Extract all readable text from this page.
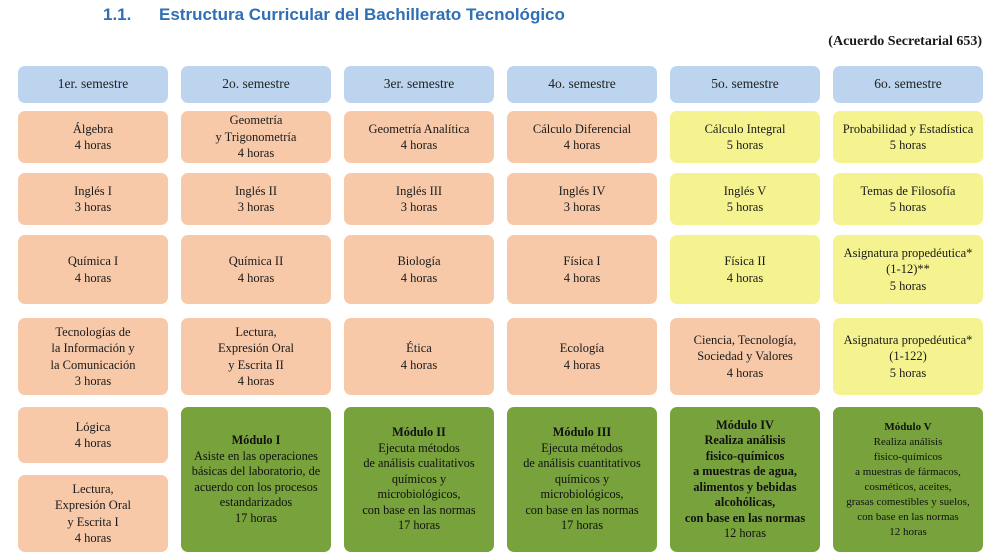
1.1. Estructura Curricular del Bachillerato Tecnológico
(Acuerdo Secretarial 653)
1er. semestre
Álgebra
4 horas
Inglés I
3 horas
Química I
4 horas
Tecnologías de
la Información y
la Comunicación
3 horas
Lógica
4 horas
Lectura,
Expresión Oral
y Escrita I
4 horas
2o. semestre
Geometría
y Trigonometría
4 horas
Inglés II
3 horas
Química II
4 horas
Lectura,
Expresión Oral
y Escrita II
4 horas
Módulo I
Asiste en las operaciones
básicas del laboratorio, de
acuerdo con los procesos
estandarizados
17 horas
3er. semestre
Geometría Analítica
4 horas
Inglés III
3 horas
Biología
4 horas
Ética
4 horas
Módulo II
Ejecuta métodos
de análisis cualitativos
químicos y
microbiológicos,
con base en las normas
17 horas
4o. semestre
Cálculo Diferencial
4 horas
Inglés IV
3 horas
Física I
4 horas
Ecología
4 horas
Módulo III
Ejecuta métodos
de análisis cuantitativos
químicos y
microbiológicos,
con base en las normas
17 horas
5o. semestre
Cálculo Integral
5 horas
Inglés V
5 horas
Física II
4 horas
Ciencia, Tecnología,
Sociedad y Valores
4 horas
Módulo IV
Realiza análisis
fisico-químicos
a muestras de agua,
alimentos y bebidas
alcohólicas,
con base en las normas
12 horas
6o. semestre
Probabilidad y Estadística
5 horas
Temas de Filosofía
5 horas
Asignatura propedéutica*
(1-12)**
5 horas
Asignatura propedéutica*
(1-122)
5 horas
Módulo V
Realiza análisis
fisico-químicos
a muestras de fármacos,
cosméticos, aceites,
grasas comestibles y suelos,
con base en las normas
12 horas
